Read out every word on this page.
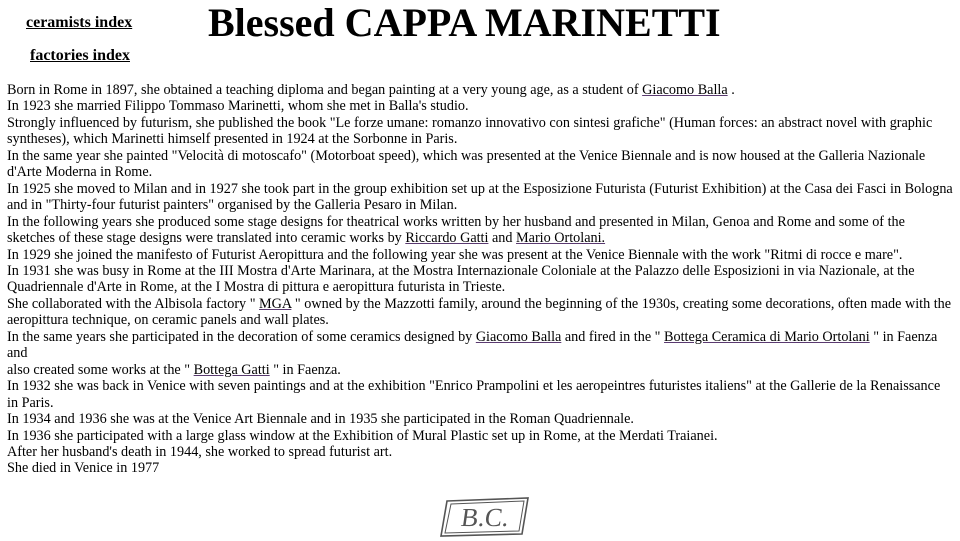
ceramists index
factories index
Blessed CAPPA MARINETTI
Born in Rome in 1897, she obtained a teaching diploma and began painting at a very young age, as a student of Giacomo Balla .
In 1923 she married Filippo Tommaso Marinetti, whom she met in Balla's studio.
Strongly influenced by futurism, she published the book "Le forze umane: romanzo innovativo con sintesi grafiche" (Human forces: an abstract novel with graphic syntheses), which Marinetti himself presented in 1924 at the Sorbonne in Paris.
In the same year she painted "Velocità di motoscafo" (Motorboat speed), which was presented at the Venice Biennale and is now housed at the Galleria Nazionale d'Arte Moderna in Rome.
In 1925 she moved to Milan and in 1927 she took part in the group exhibition set up at the Esposizione Futurista (Futurist Exhibition) at the Casa dei Fasci in Bologna and in "Thirty-four futurist painters" organised by the Galleria Pesaro in Milan.
In the following years she produced some stage designs for theatrical works written by her husband and presented in Milan, Genoa and Rome and some of the sketches of these stage designs were translated into ceramic works by Riccardo Gatti and Mario Ortolani.
In 1929 she joined the manifesto of Futurist Aeropittura and the following year she was present at the Venice Biennale with the work "Ritmi di rocce e mare".
In 1931 she was busy in Rome at the III Mostra d'Arte Marinara, at the Mostra Internazionale Coloniale at the Palazzo delle Esposizioni in via Nazionale, at the Quadriennale d'Arte in Rome, at the I Mostra di pittura e aeropittura futurista in Trieste.
She collaborated with the Albisola factory " MGA " owned by the Mazzotti family, around the beginning of the 1930s, creating some decorations, often made with the aeropittura technique, on ceramic panels and wall plates.
In the same years she participated in the decoration of some ceramics designed by Giacomo Balla and fired in the " Bottega Ceramica di Mario Ortolani " in Faenza and
also created some works at the " Bottega Gatti " in Faenza.
In 1932 she was back in Venice with seven paintings and at the exhibition "Enrico Prampolini et les aeropeintres futuristes italiens" at the Gallerie de la Renaissance in Paris.
In 1934 and 1936 she was at the Venice Art Biennale and in 1935 she participated in the Roman Quadriennale.
In 1936 she participated with a large glass window at the Exhibition of Mural Plastic set up in Rome, at the Merdati Traianei.
After her husband's death in 1944, she worked to spread futurist art.
She died in Venice in 1977
B.C.
